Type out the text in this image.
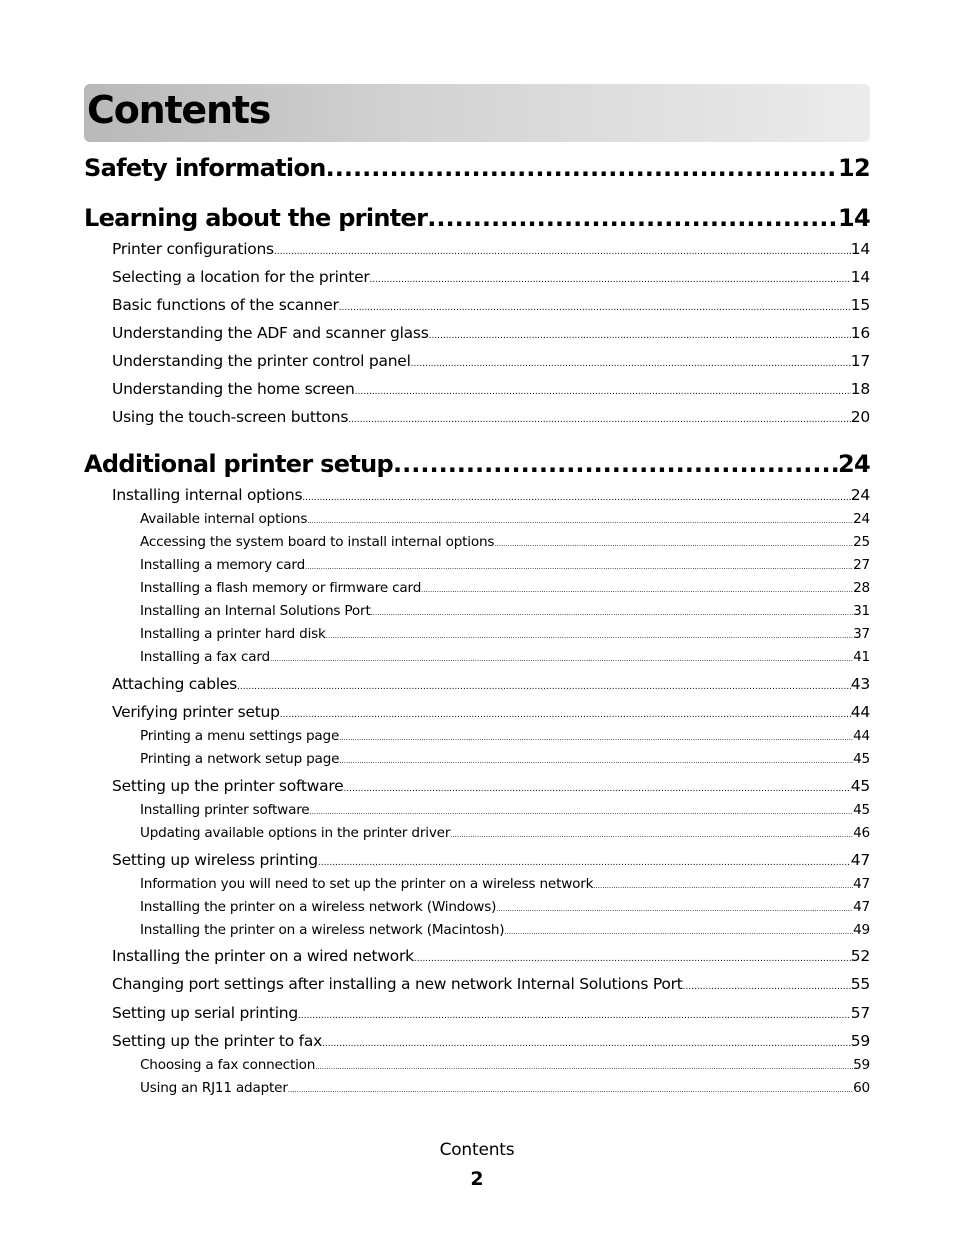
Contents
Safety information .....	12
Learning about the printer .....	14
Printer configurations .....	14
Selecting a location for the printer .....	14
Basic functions of the scanner .....	15
Understanding the ADF and scanner glass .....	16
Understanding the printer control panel .....	17
Understanding the home screen .....	18
Using the touch-screen buttons .....	20
Additional printer setup .....	24
Installing internal options .....	24
Available internal options .....	24
Accessing the system board to install internal options .....	25
Installing a memory card .....	27
Installing a flash memory or firmware card .....	28
Installing an Internal Solutions Port .....	31
Installing a printer hard disk .....	37
Installing a fax card .....	41
Attaching cables .....	43
Verifying printer setup .....	44
Printing a menu settings page .....	44
Printing a network setup page .....	45
Setting up the printer software .....	45
Installing printer software .....	45
Updating available options in the printer driver .....	46
Setting up wireless printing .....	47
Information you will need to set up the printer on a wireless network .....	47
Installing the printer on a wireless network (Windows) .....	47
Installing the printer on a wireless network (Macintosh) .....	49
Installing the printer on a wired network .....	52
Changing port settings after installing a new network Internal Solutions Port .....	55
Setting up serial printing .....	57
Setting up the printer to fax .....	59
Choosing a fax connection .....	59
Using an RJ11 adapter .....	60
Contents
2
